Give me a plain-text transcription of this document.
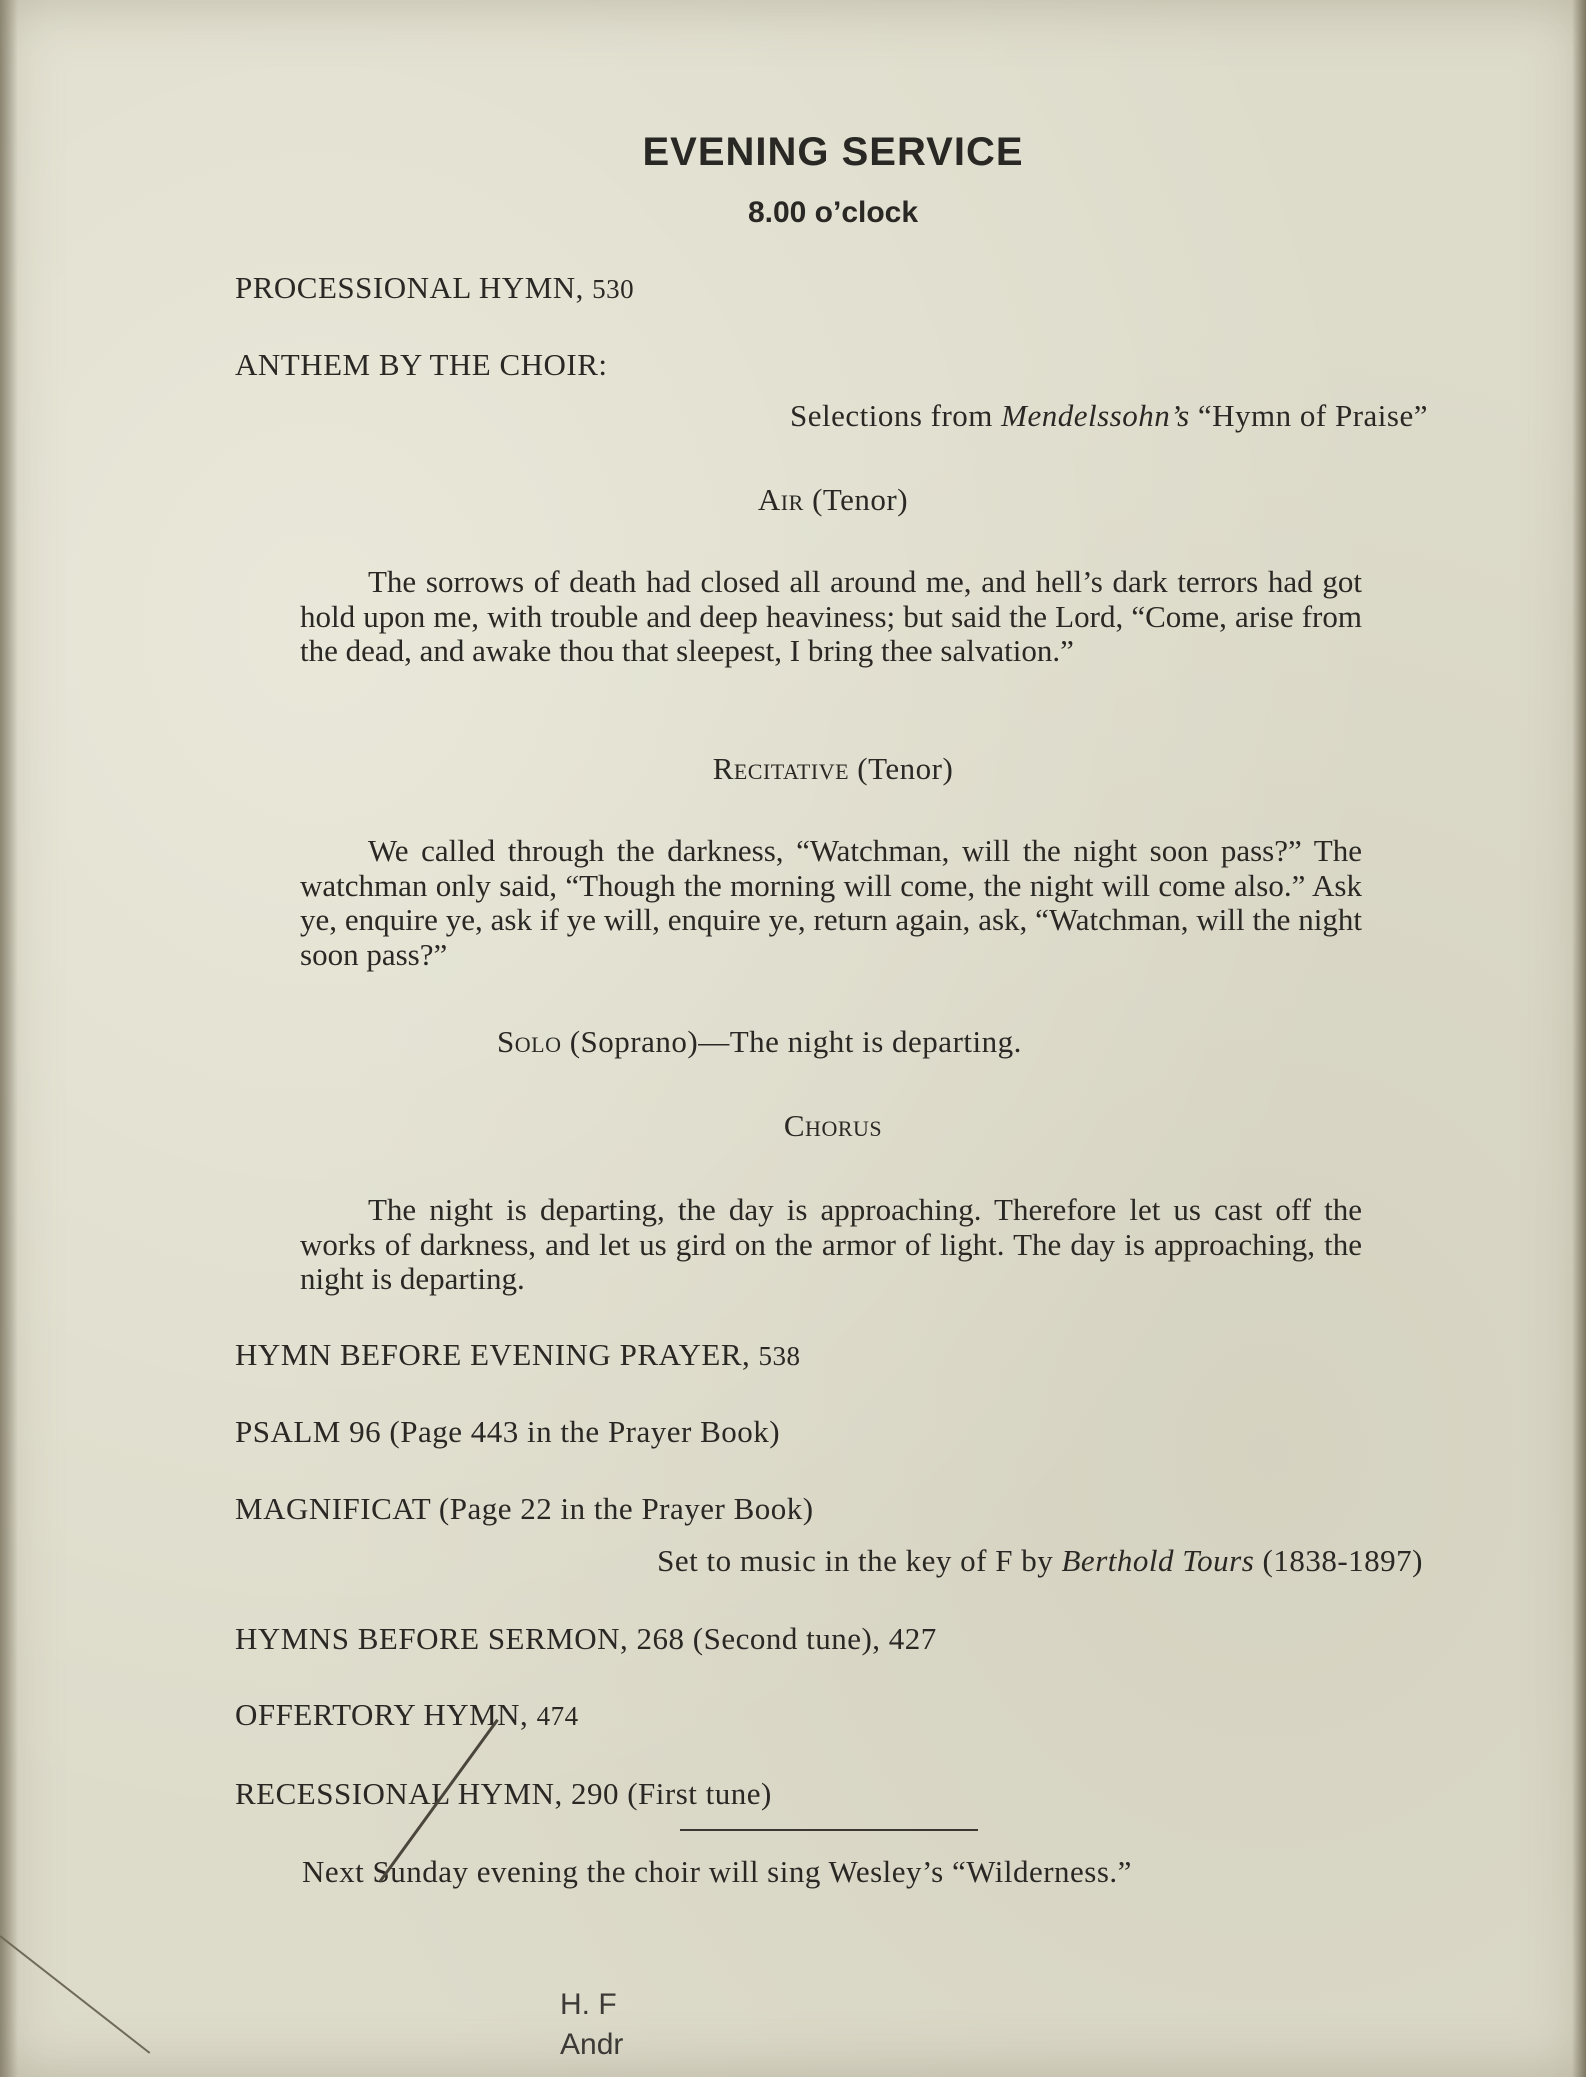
EVENING SERVICE
8.00 o’clock
PROCESSIONAL HYMN, 530
ANTHEM BY THE CHOIR:
Selections from Mendelssohn’s “Hymn of Praise”
Air (Tenor)
The sorrows of death had closed all around me, and hell’s dark terrors had got hold upon me, with trouble and deep heaviness; but said the Lord, “Come, arise from the dead, and awake thou that sleepest, I bring thee salvation.”
Recitative (Tenor)
We called through the darkness, “Watchman, will the night soon pass?” The watchman only said, “Though the morning will come, the night will come also.” Ask ye, enquire ye, ask if ye will, enquire ye, return again, ask, “Watchman, will the night soon pass?”
Solo (Soprano)—The night is departing.
Chorus
The night is departing, the day is approaching. Therefore let us cast off the works of darkness, and let us gird on the armor of light. The day is approaching, the night is departing.
HYMN BEFORE EVENING PRAYER, 538
PSALM 96 (Page 443 in the Prayer Book)
MAGNIFICAT (Page 22 in the Prayer Book)
Set to music in the key of F by Berthold Tours (1838-1897)
HYMNS BEFORE SERMON, 268 (Second tune), 427
OFFERTORY HYMN, 474
RECESSIONAL HYMN, 290 (First tune)
Next Sunday evening the choir will sing Wesley’s “Wilderness.”
H. F
Andr
